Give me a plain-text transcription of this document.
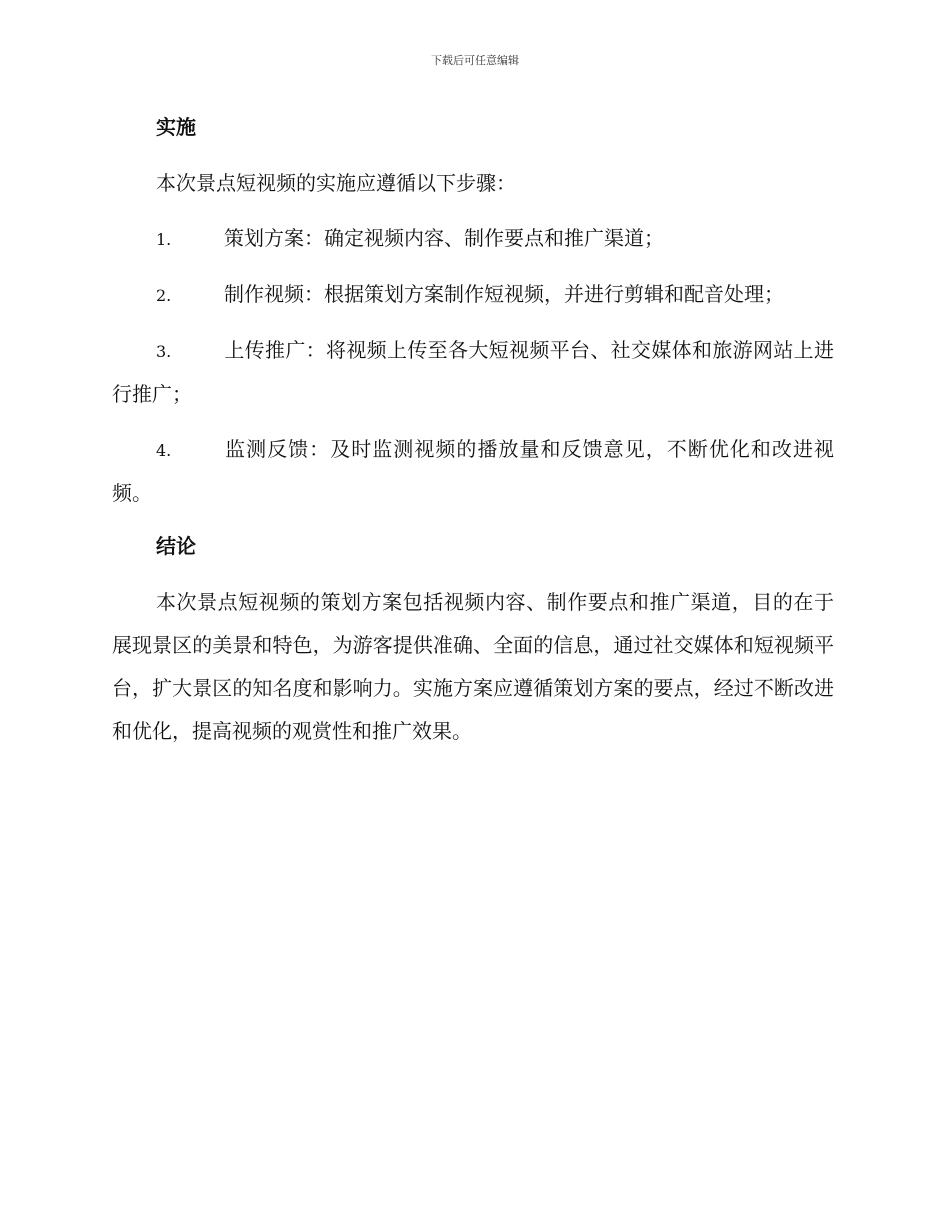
下载后可任意编辑
实施

本次景点短视频的实施应遵循以下步骤：

1.	策划方案：确定视频内容、制作要点和推广渠道；

2.	制作视频：根据策划方案制作短视频，并进行剪辑和配音处理；

3.	上传推广：将视频上传至各大短视频平台、社交媒体和旅游网站上进行推广；

4.	监测反馈：及时监测视频的播放量和反馈意见，不断优化和改进视频。

结论

本次景点短视频的策划方案包括视频内容、制作要点和推广渠道，目的在于展现景区的美景和特色，为游客提供准确、全面的信息，通过社交媒体和短视频平台，扩大景区的知名度和影响力。实施方案应遵循策划方案的要点，经过不断改进和优化，提高视频的观赏性和推广效果。
